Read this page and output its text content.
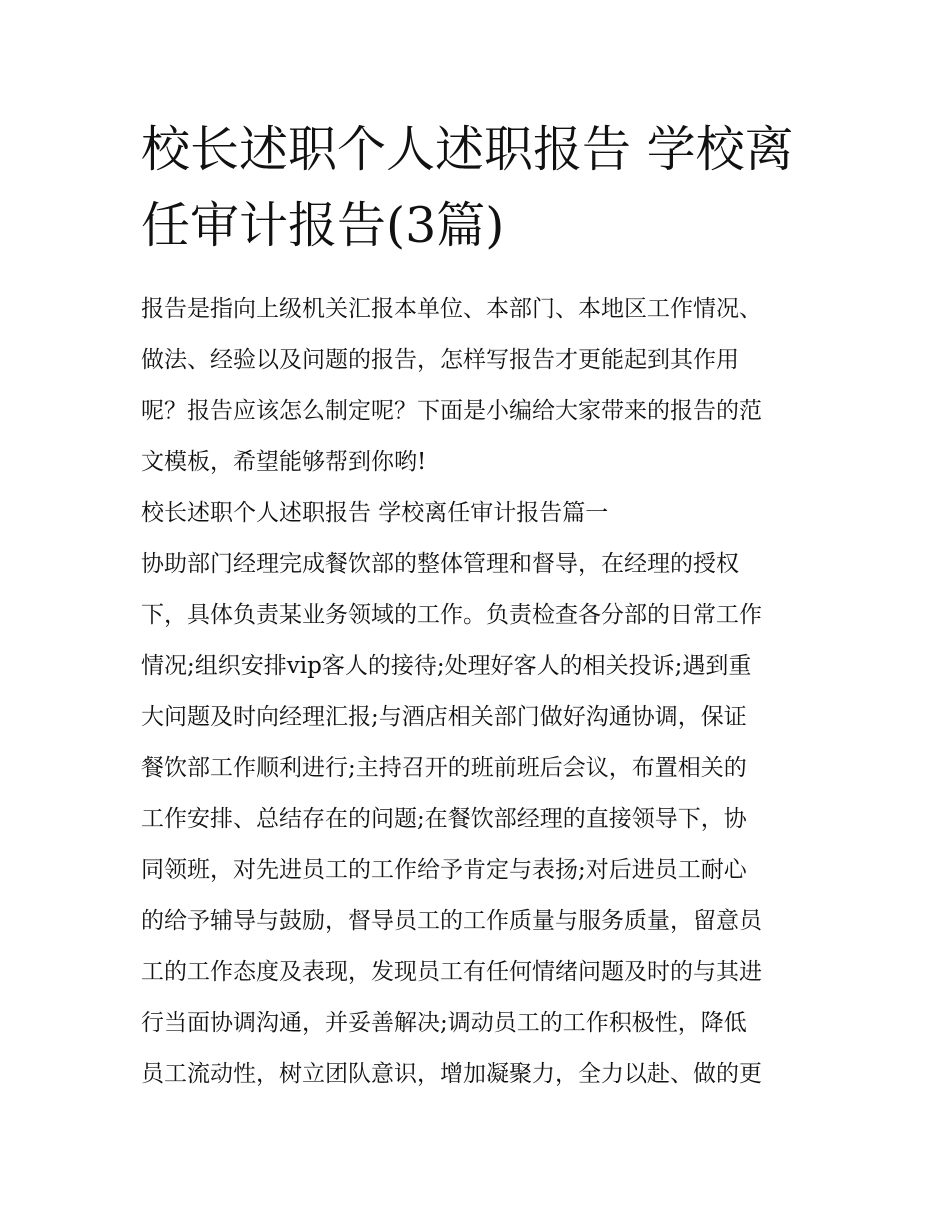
校长述职个人述职报告 学校离
任审计报告(3篇)

报告是指向上级机关汇报本单位、本部门、本地区工作情况、
做法、经验以及问题的报告，怎样写报告才更能起到其作用
呢？报告应该怎么制定呢？下面是小编给大家带来的报告的范
文模板，希望能够帮到你哟!

校长述职个人述职报告 学校离任审计报告篇一

协助部门经理完成餐饮部的整体管理和督导，在经理的授权
下，具体负责某业务领域的工作。负责检查各分部的日常工作
情况;组织安排vip客人的接待;处理好客人的相关投诉;遇到重
大问题及时向经理汇报;与酒店相关部门做好沟通协调，保证
餐饮部工作顺利进行;主持召开的班前班后会议，布置相关的
工作安排、总结存在的问题;在餐饮部经理的直接领导下，协
同领班，对先进员工的工作给予肯定与表扬;对后进员工耐心
的给予辅导与鼓励，督导员工的工作质量与服务质量，留意员
工的工作态度及表现，发现员工有任何情绪问题及时的与其进
行当面协调沟通，并妥善解决;调动员工的工作积极性，降低
员工流动性，树立团队意识，增加凝聚力，全力以赴、做的更
